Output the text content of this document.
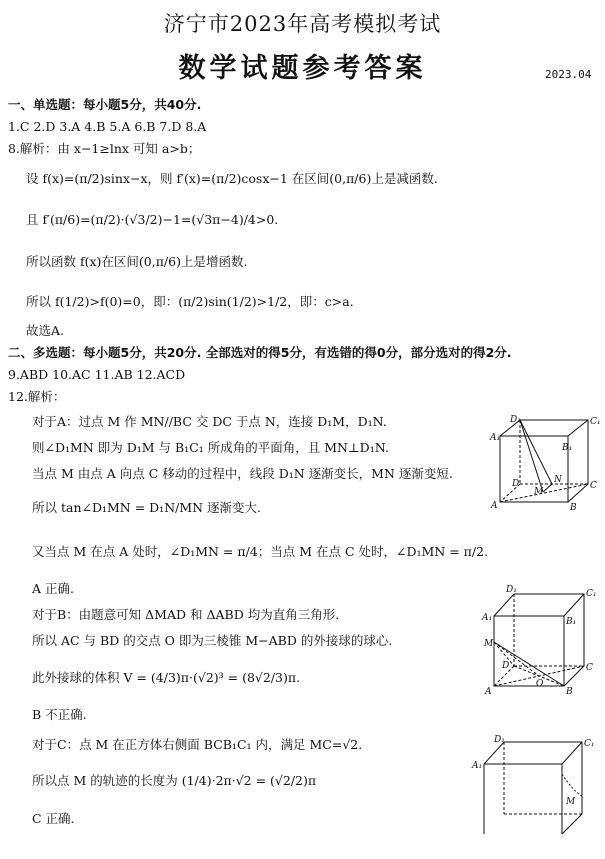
济宁市2023年高考模拟考试
数学试题参考答案	2023.04
一、单选题：每小题5分，共40分.
1.C 2.D 3.A 4.B 5.A 6.B 7.D 8.A
8.解析：由 x−1≥lnx 可知 a>b；
设 f(x)=(π/2)sinx−x，则 f′(x)=(π/2)cosx−1 在区间(0,π/6)上是减函数.
且 f′(π/6)=(π/2)·(√3/2)−1=(√3π−4)/4>0.
所以函数 f(x)在区间(0,π/6)上是增函数.
所以 f(1/2)>f(0)=0，即：(π/2)sin(1/2)>1/2，即：c>a.
故选A.
二、多选题：每小题5分，共20分. 全部选对的得5分，有选错的得0分，部分选对的得2分.
9.ABD 10.AC 11.AB 12.ACD
12.解析：
对于A：过点 M 作 MN//BC 交 DC 于点 N，连接 D₁M，D₁N.
则∠D₁MN 即为 D₁M 与 B₁C₁ 所成角的平面角，且 MN⊥D₁N.
当点 M 由点 A 向点 C 移动的过程中，线段 D₁N 逐渐变长，MN 逐渐变短.
所以 tan∠D₁MN = D₁N/MN 逐渐变大.
又当点 M 在点 A 处时，∠D₁MN = π/4；当点 M 在点 C 处时，∠D₁MN = π/2.
A 正确.
对于B：由题意可知 ΔMAD 和 ΔABD 均为直角三角形.
所以 AC 与 BD 的交点 O 即为三棱锥 M−ABD 的外接球的球心.
此外接球的体积 V = (4/3)π·(√2)³ = (8√2/3)π.
B 不正确.
对于C：点 M 在正方体右侧面 BCB₁C₁ 内，满足 MC=√2.
所以点 M 的轨迹的长度为 (1/4)·2π·√2 = (√2/2)π
C 正确.
D₁	C₁
A₁
B₁
D	C
M
N
A	B
D₁	C₁
A₁	B₁
M
D	C
O
A	B
D₁	C₁
A₁
M
